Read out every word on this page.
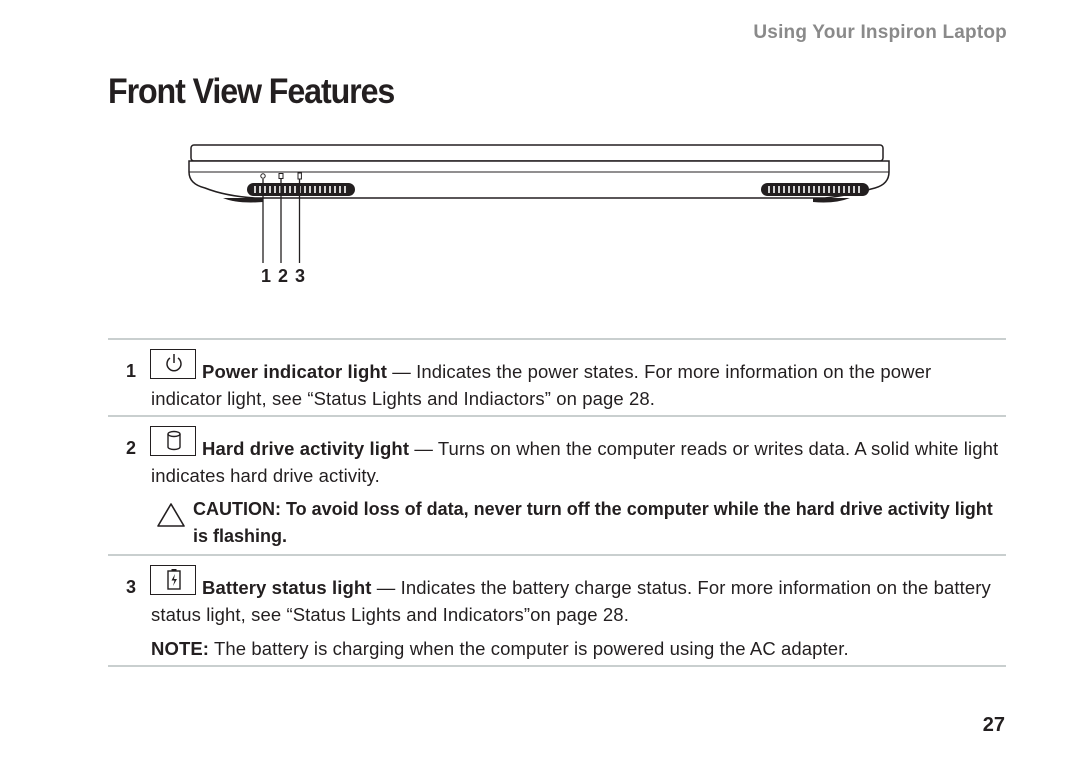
Using Your Inspiron Laptop
Front View Features
1 2 3
1	Power indicator light — Indicates the power states. For more information on the power indicator light, see “Status Lights and Indiactors” on page 28.

2	Hard drive activity light — Turns on when the computer reads or writes data. A solid white light indicates hard drive activity.

CAUTION: To avoid loss of data, never turn off the computer while the hard drive activity light is flashing.

3	Battery status light — Indicates the battery charge status. For more information on the battery status light, see “Status Lights and Indicators”on page 28.

NOTE: The battery is charging when the computer is powered using the AC adapter.

27
